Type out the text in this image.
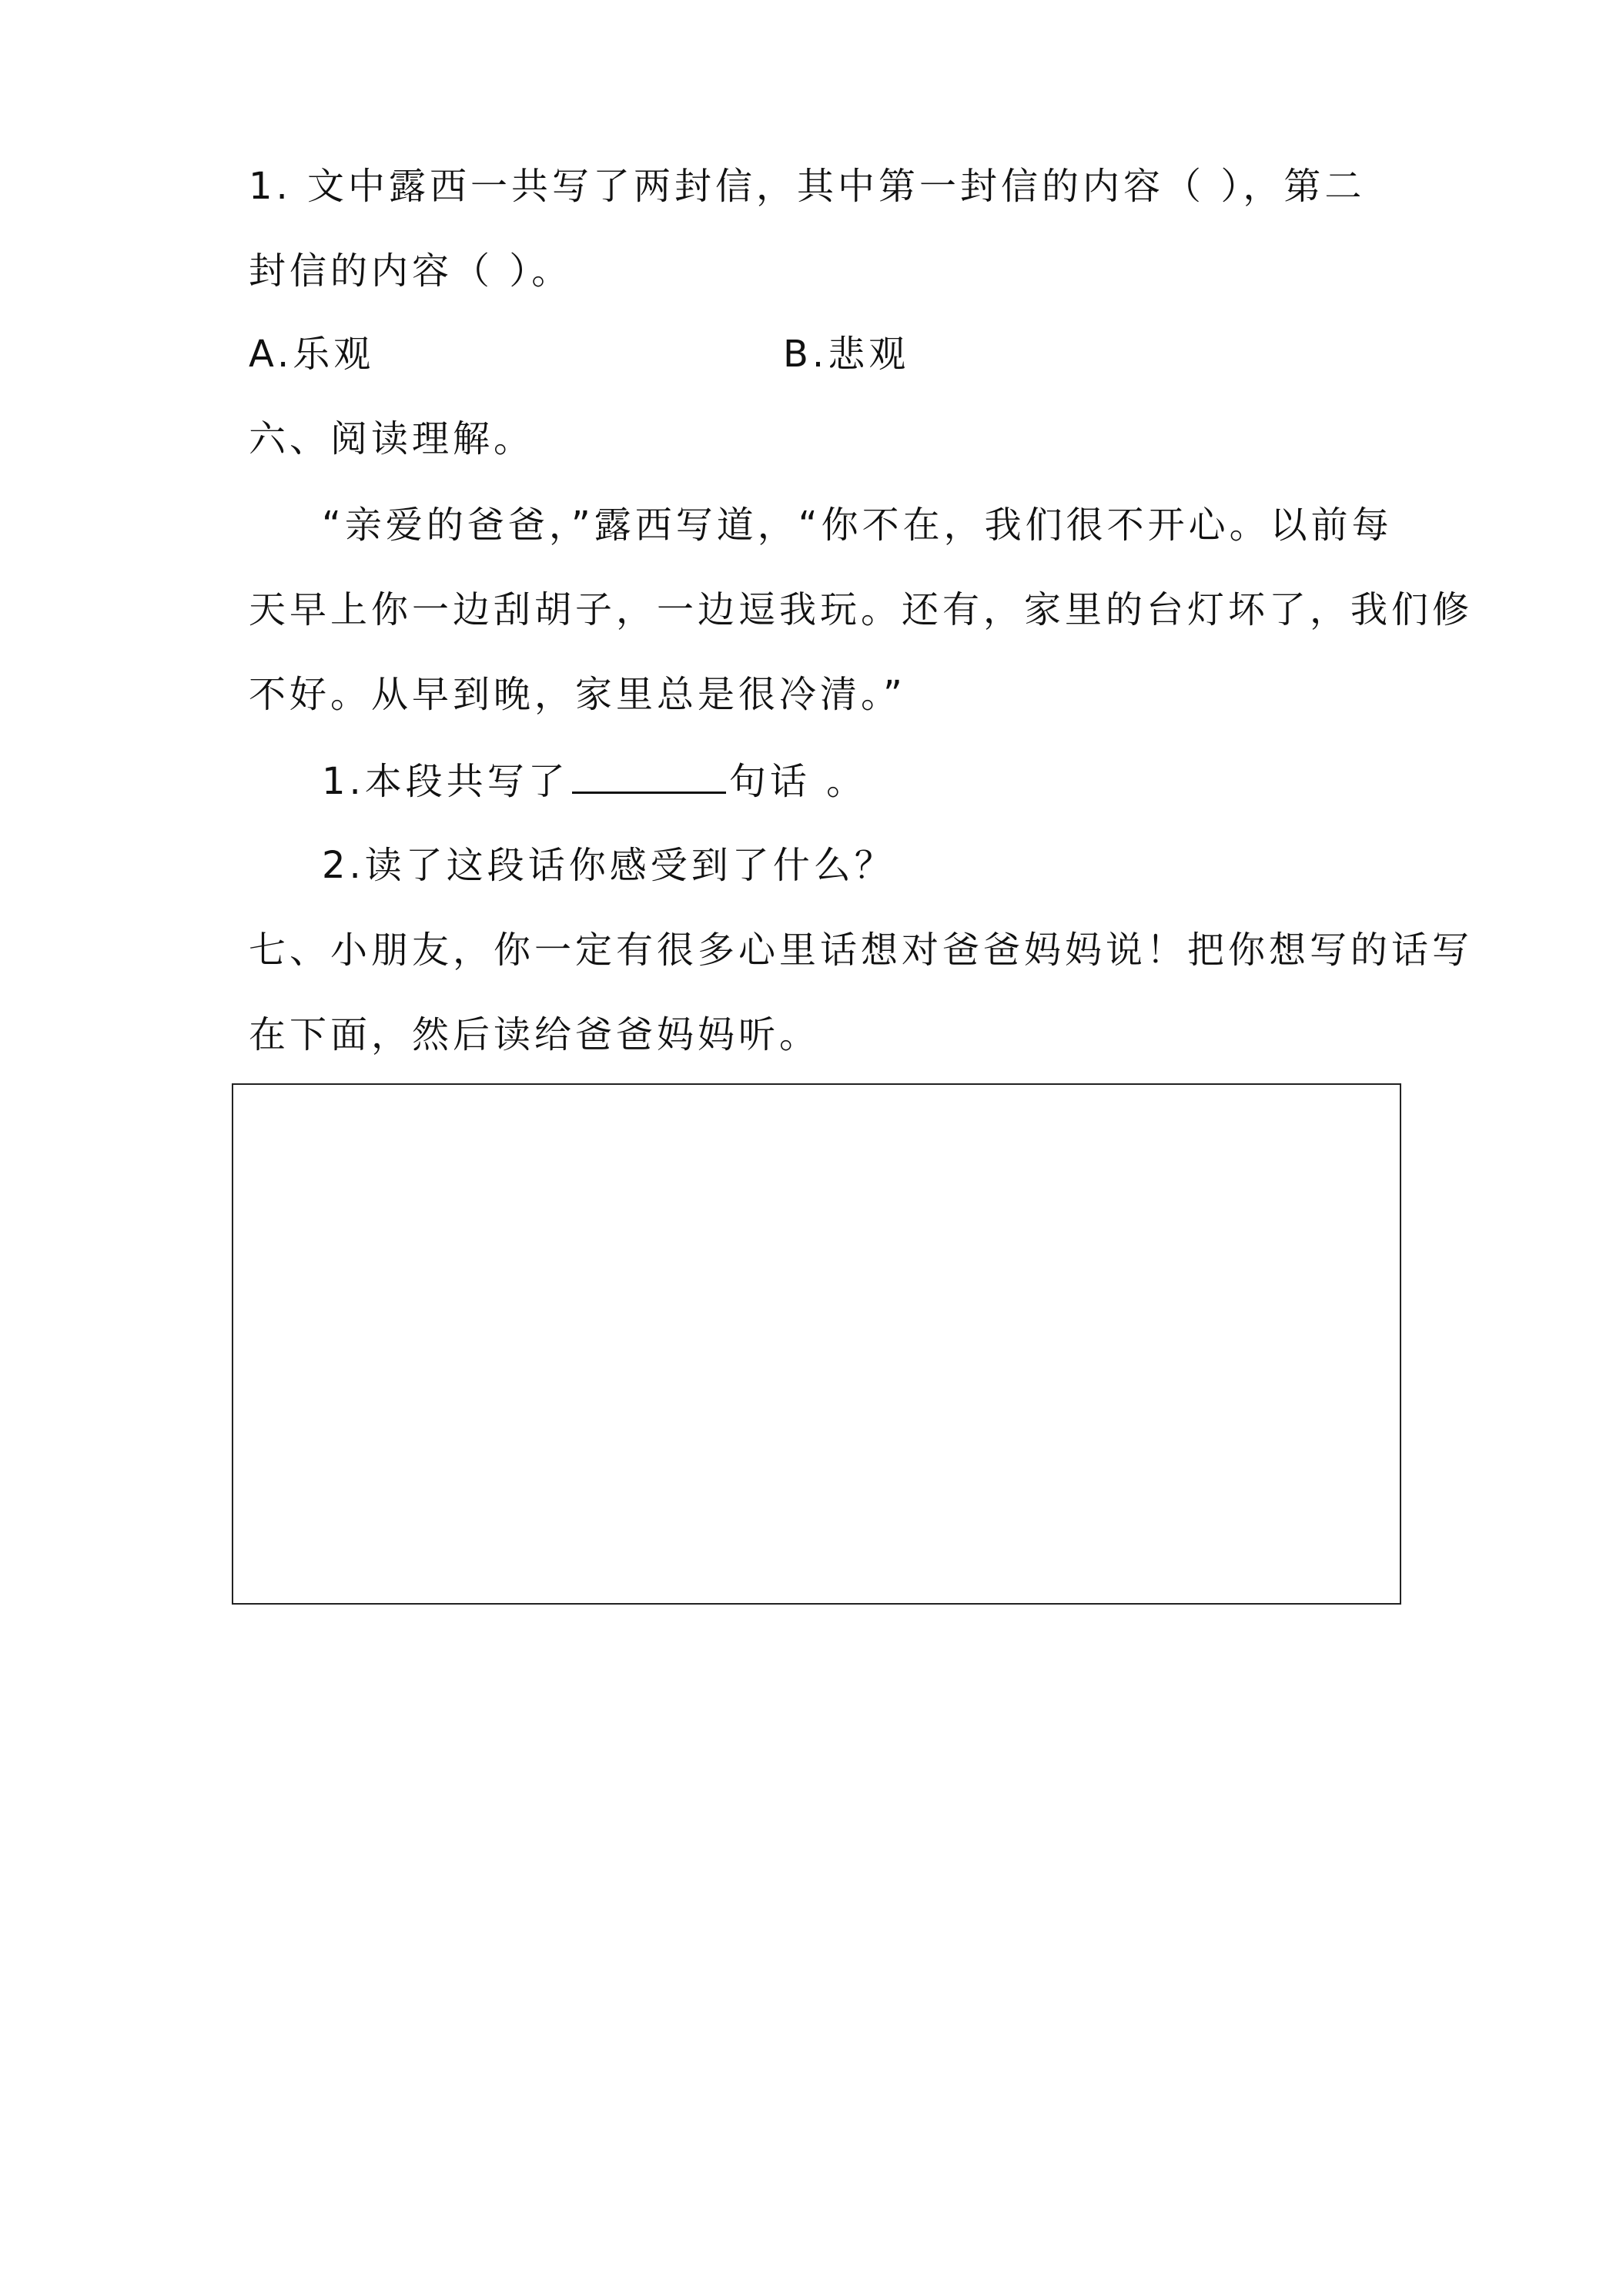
1. 文中露西一共写了两封信，其中第一封信的内容（ ），第二
封信的内容（ ）。
A.乐观	B.悲观
六、阅读理解。
“亲爱的爸爸，”露西写道，“你不在，我们很不开心。以前每
天早上你一边刮胡子，一边逗我玩。还有，家里的台灯坏了，我们修
不好。从早到晚，家里总是很冷清。”
1.本段共写了	句话 。
2.读了这段话你感受到了什么？
七、小朋友，你一定有很多心里话想对爸爸妈妈说！把你想写的话写
在下面，然后读给爸爸妈妈听。
